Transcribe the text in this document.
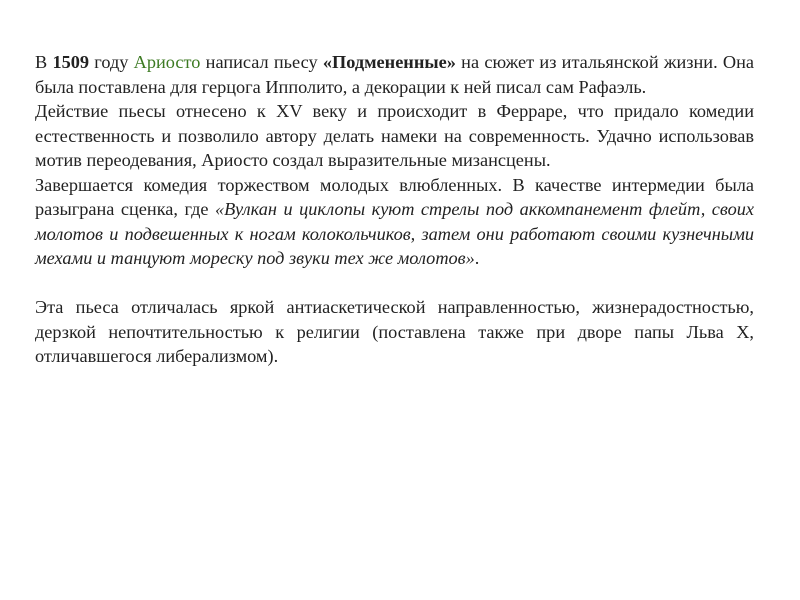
В 1509 году Ариосто написал пьесу «Подмененные» на сюжет из итальянской жизни. Она была поставлена для герцога Ипполито, а декорации к ней писал сам Рафаэль.

Действие пьесы отнесено к XV веку и происходит в Ферраре, что придало комедии естественность и позволило автору делать намеки на современность. Удачно использовав мотив переодевания, Ариосто создал выразительные мизансцены.

Завершается комедия торжеством молодых влюбленных. В качестве интермедии была разыграна сценка, где «Вулкан и циклопы куют стрелы под аккомпанемент флейт, своих молотов и подвешенных к ногам колокольчиков, затем они работают своими кузнечными мехами и танцуют мореску под звуки тех же молотов».

Эта пьеса отличалась яркой антиаскетической направленностью, жизнерадостностью, дерзкой непочтительностью к религии (поставлена также при дворе папы Льва X, отличавшегося либерализмом).
